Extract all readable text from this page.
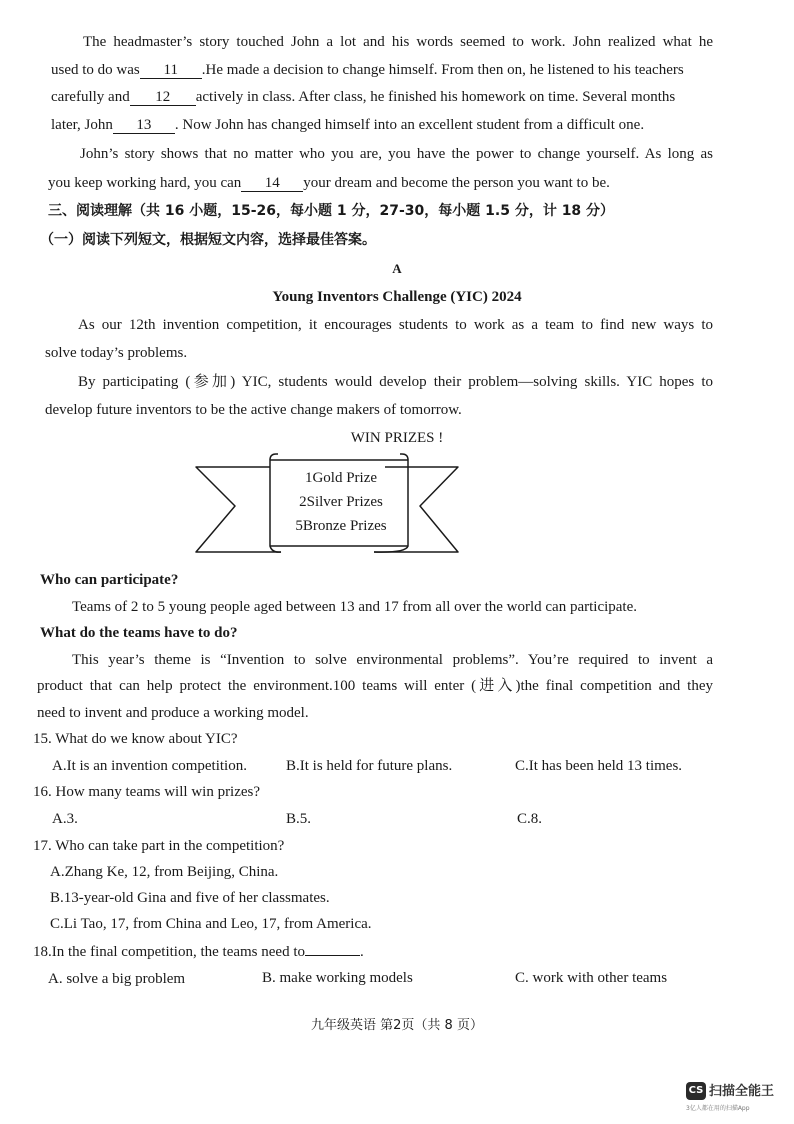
The headmaster’s story touched John a lot and his words seemed to work. John realized what he
used to do was 11 .He made a decision to change himself. From then on, he listened to his teachers
carefully and 12 actively in class. After class, he finished his homework on time. Several months
later, John 13 . Now John has changed himself into an excellent student from a difficult one.
John’s story shows that no matter who you are, you have the power to change yourself. As long as
you keep working hard, you can 14 your dream and become the person you want to be.
三、阅读理解（共 16 小题，15-26，每小题 1 分，27-30，每小题 1.5 分，计 18 分）
（一）阅读下列短文，根据短文内容，选择最佳答案。
A
Young Inventors Challenge (YIC) 2024
As our 12th invention competition, it encourages students to work as a team to find new ways to
solve today’s problems.
By participating (参加) YIC, students would develop their problem—solving skills. YIC hopes to
develop future inventors to be the active change makers of tomorrow.
WIN PRIZES !
1Gold Prize
2Silver Prizes
5Bronze Prizes
Who can participate?
Teams of 2 to 5 young people aged between 13 and 17 from all over the world can participate.
What do the teams have to do?
This year’s theme is “Invention to solve environmental problems”. You’re required to invent a
product that can help protect the environment.100 teams will enter (进入)the final competition and they
need to invent and produce a working model.
15. What do we know about YIC?
A.It is an invention competition.	B.It is held for future plans.	C.It has been held 13 times.
16. How many teams will win prizes?
A.3.	B.5.	C.8.
17. Who can take part in the competition?
A.Zhang Ke, 12, from Beijing, China.
B.13-year-old Gina and five of her classmates.
C.Li Tao, 17, from China and Leo, 17, from America.
18.In the final competition, the teams need to	.
A. solve a big problem	B. make working models	C. work with other teams
九年级英语 第2页（共 8 页）
CS 扫描全能王
3亿人都在用的扫描App
